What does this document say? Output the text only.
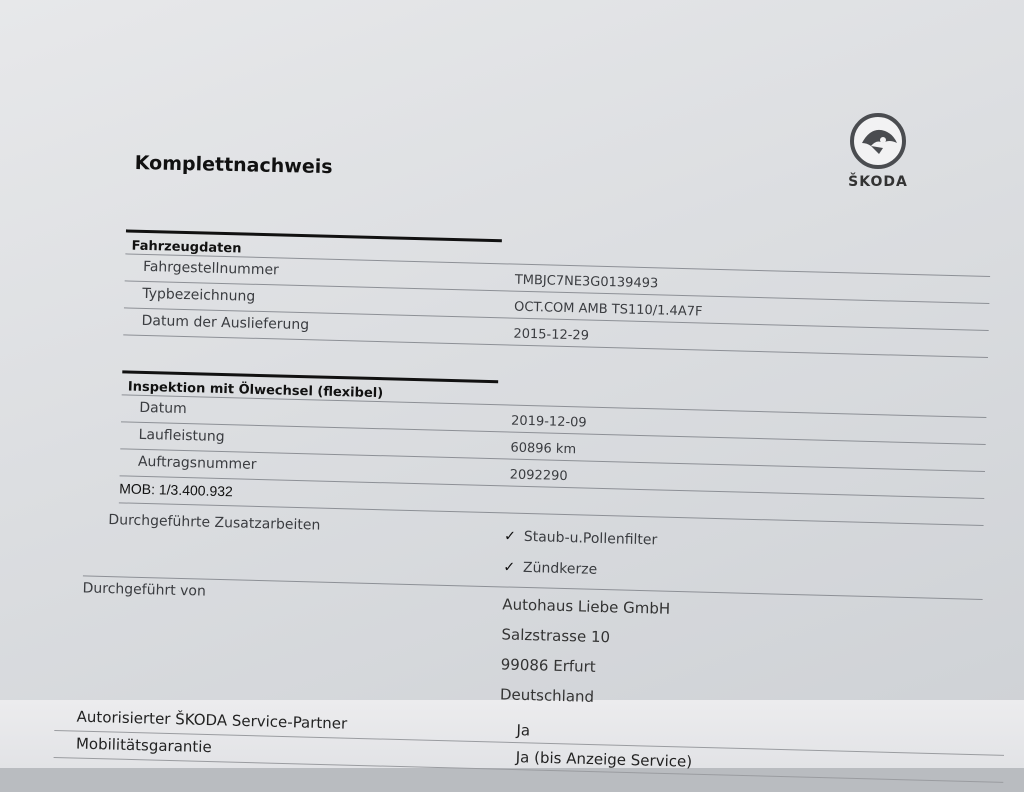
Komplettnachweis
ŠKODA
Fahrzeugdaten
Fahrgestellnummer
TMBJC7NE3G0139493
Typbezeichnung
OCT.COM AMB TS110/1.4A7F
Datum der Auslieferung
2015-12-29
Inspektion mit Ölwechsel (flexibel)
Datum
2019-12-09
Laufleistung
60896 km
Auftragsnummer
2092290
MOB: 1/3.400.932
Durchgeführte Zusatzarbeiten
✓ Staub-u.Pollenfilter
✓ Zündkerze
Durchgeführt von
Autohaus Liebe GmbH
Salzstrasse 10
99086 Erfurt
Deutschland
Autorisierter ŠKODA Service-Partner	Ja
Mobilitätsgarantie
Ja (bis Anzeige Service)
